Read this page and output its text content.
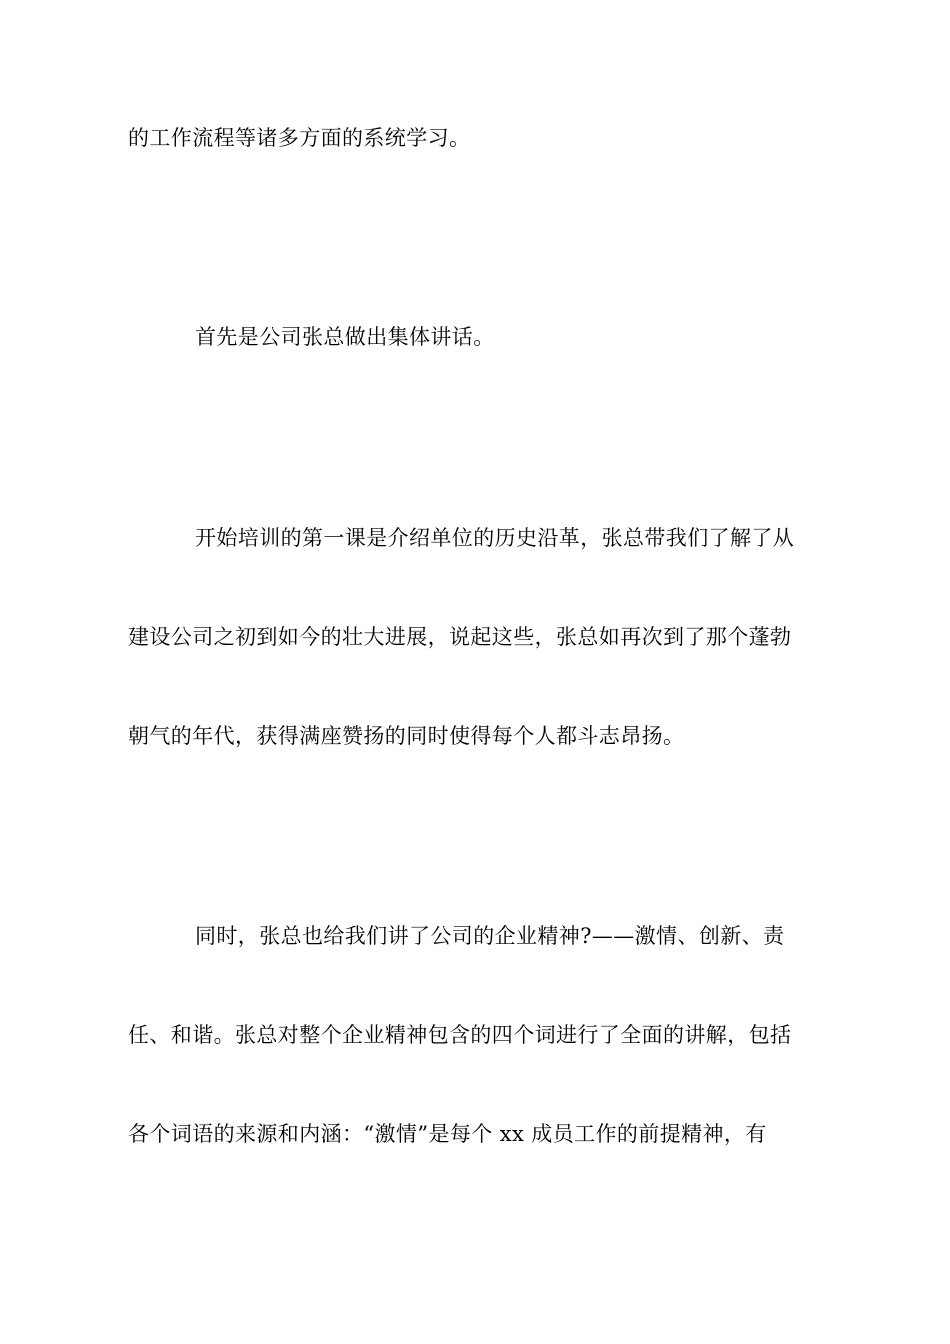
的工作流程等诸多方面的系统学习。
首先是公司张总做出集体讲话。
开始培训的第一课是介绍单位的历史沿革，张总带我们了解了从
建设公司之初到如今的壮大进展，说起这些，张总如再次到了那个蓬勃
朝气的年代，获得满座赞扬的同时使得每个人都斗志昂扬。
同时，张总也给我们讲了公司的企业精神?——激情、创新、责
任、和谐。张总对整个企业精神包含的四个词进行了全面的讲解，包括
各个词语的来源和内涵：“激情”是每个 xx 成员工作的前提精神，有
